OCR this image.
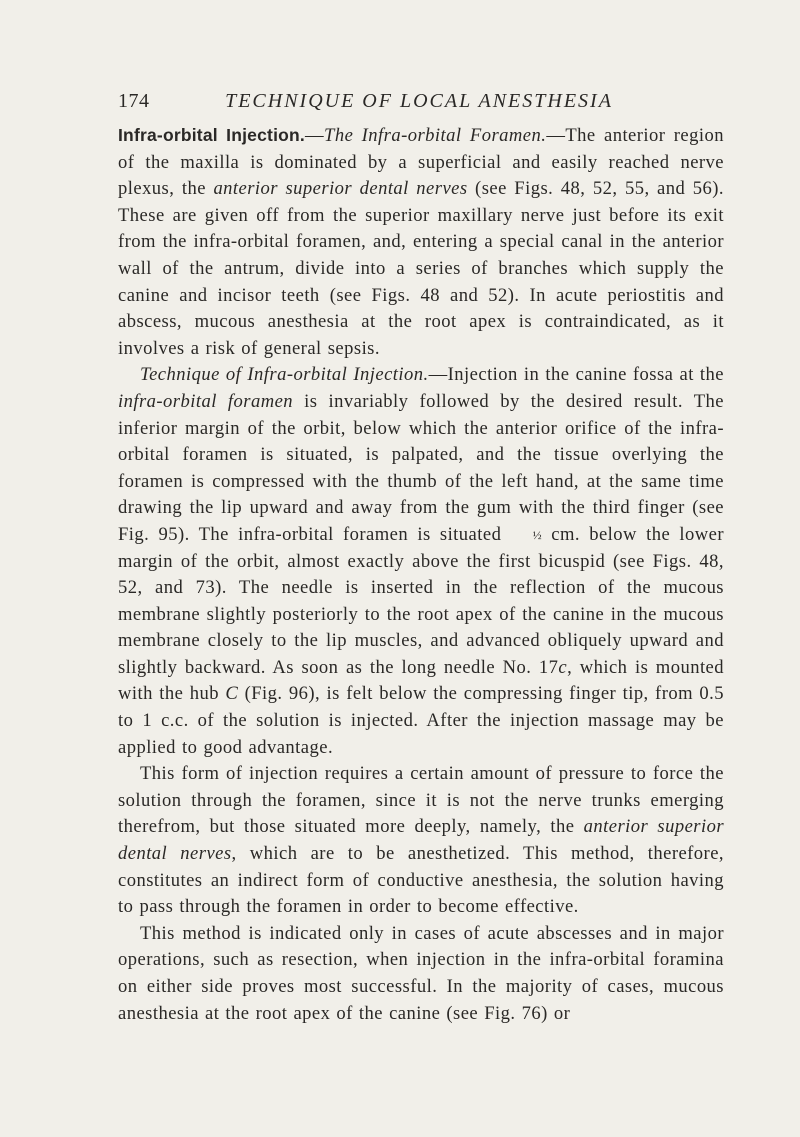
174	TECHNIQUE OF LOCAL ANESTHESIA

Infra-orbital Injection.—The Infra-orbital Foramen.—The anterior region of the maxilla is dominated by a superficial and easily reached nerve plexus, the anterior superior dental nerves (see Figs. 48, 52, 55, and 56). These are given off from the superior maxillary nerve just before its exit from the infra-orbital foramen, and, entering a special canal in the anterior wall of the antrum, divide into a series of branches which supply the canine and incisor teeth (see Figs. 48 and 52). In acute periostitis and abscess, mucous anesthesia at the root apex is contraindicated, as it involves a risk of general sepsis.

Technique of Infra-orbital Injection.—Injection in the canine fossa at the infra-orbital foramen is invariably followed by the desired result. The inferior margin of the orbit, below which the anterior orifice of the infra-orbital foramen is situated, is palpated, and the tissue overlying the foramen is compressed with the thumb of the left hand, at the same time drawing the lip upward and away from the gum with the third finger (see Fig. 95). The infra-orbital foramen is situated ½ cm. below the lower margin of the orbit, almost exactly above the first bicuspid (see Figs. 48, 52, and 73). The needle is inserted in the reflection of the mucous membrane slightly posteriorly to the root apex of the canine in the mucous membrane closely to the lip muscles, and advanced obliquely upward and slightly backward. As soon as the long needle No. 17c, which is mounted with the hub C (Fig. 96), is felt below the compressing finger tip, from 0.5 to 1 c.c. of the solution is injected. After the injection massage may be applied to good advantage.

This form of injection requires a certain amount of pressure to force the solution through the foramen, since it is not the nerve trunks emerging therefrom, but those situated more deeply, namely, the anterior superior dental nerves, which are to be anesthetized. This method, therefore, constitutes an indirect form of conductive anesthesia, the solution having to pass through the foramen in order to become effective.

This method is indicated only in cases of acute abscesses and in major operations, such as resection, when injection in the infra-orbital foramina on either side proves most successful. In the majority of cases, mucous anesthesia at the root apex of the canine (see Fig. 76) or
